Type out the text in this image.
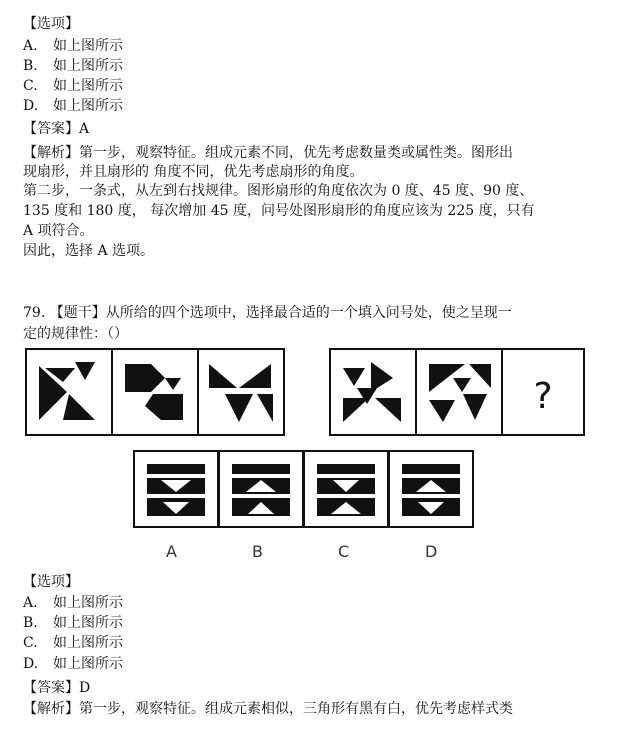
【选项】
A. 如上图所示
B. 如上图所示
C. 如上图所示
D. 如上图所示
【答案】A
【解析】第一步，观察特征。组成元素不同，优先考虑数量类或属性类。图形出
现扇形，并且扇形的 角度不同，优先考虑扇形的角度。
第二步，一条式，从左到右找规律。图形扇形的角度依次为 0 度、45 度、90 度、
135 度和 180 度， 每次增加 45 度，问号处图形扇形的角度应该为 225 度，只有
A 项符合。
因此，选择 A 选项。
79. 【题干】从所给的四个选项中，选择最合适的一个填入问号处，使之呈现一
定的规律性：（）
?
A	B	C	D
【选项】
A. 如上图所示
B. 如上图所示
C. 如上图所示
D. 如上图所示
【答案】D
【解析】第一步，观察特征。组成元素相似，三角形有黑有白，优先考虑样式类
